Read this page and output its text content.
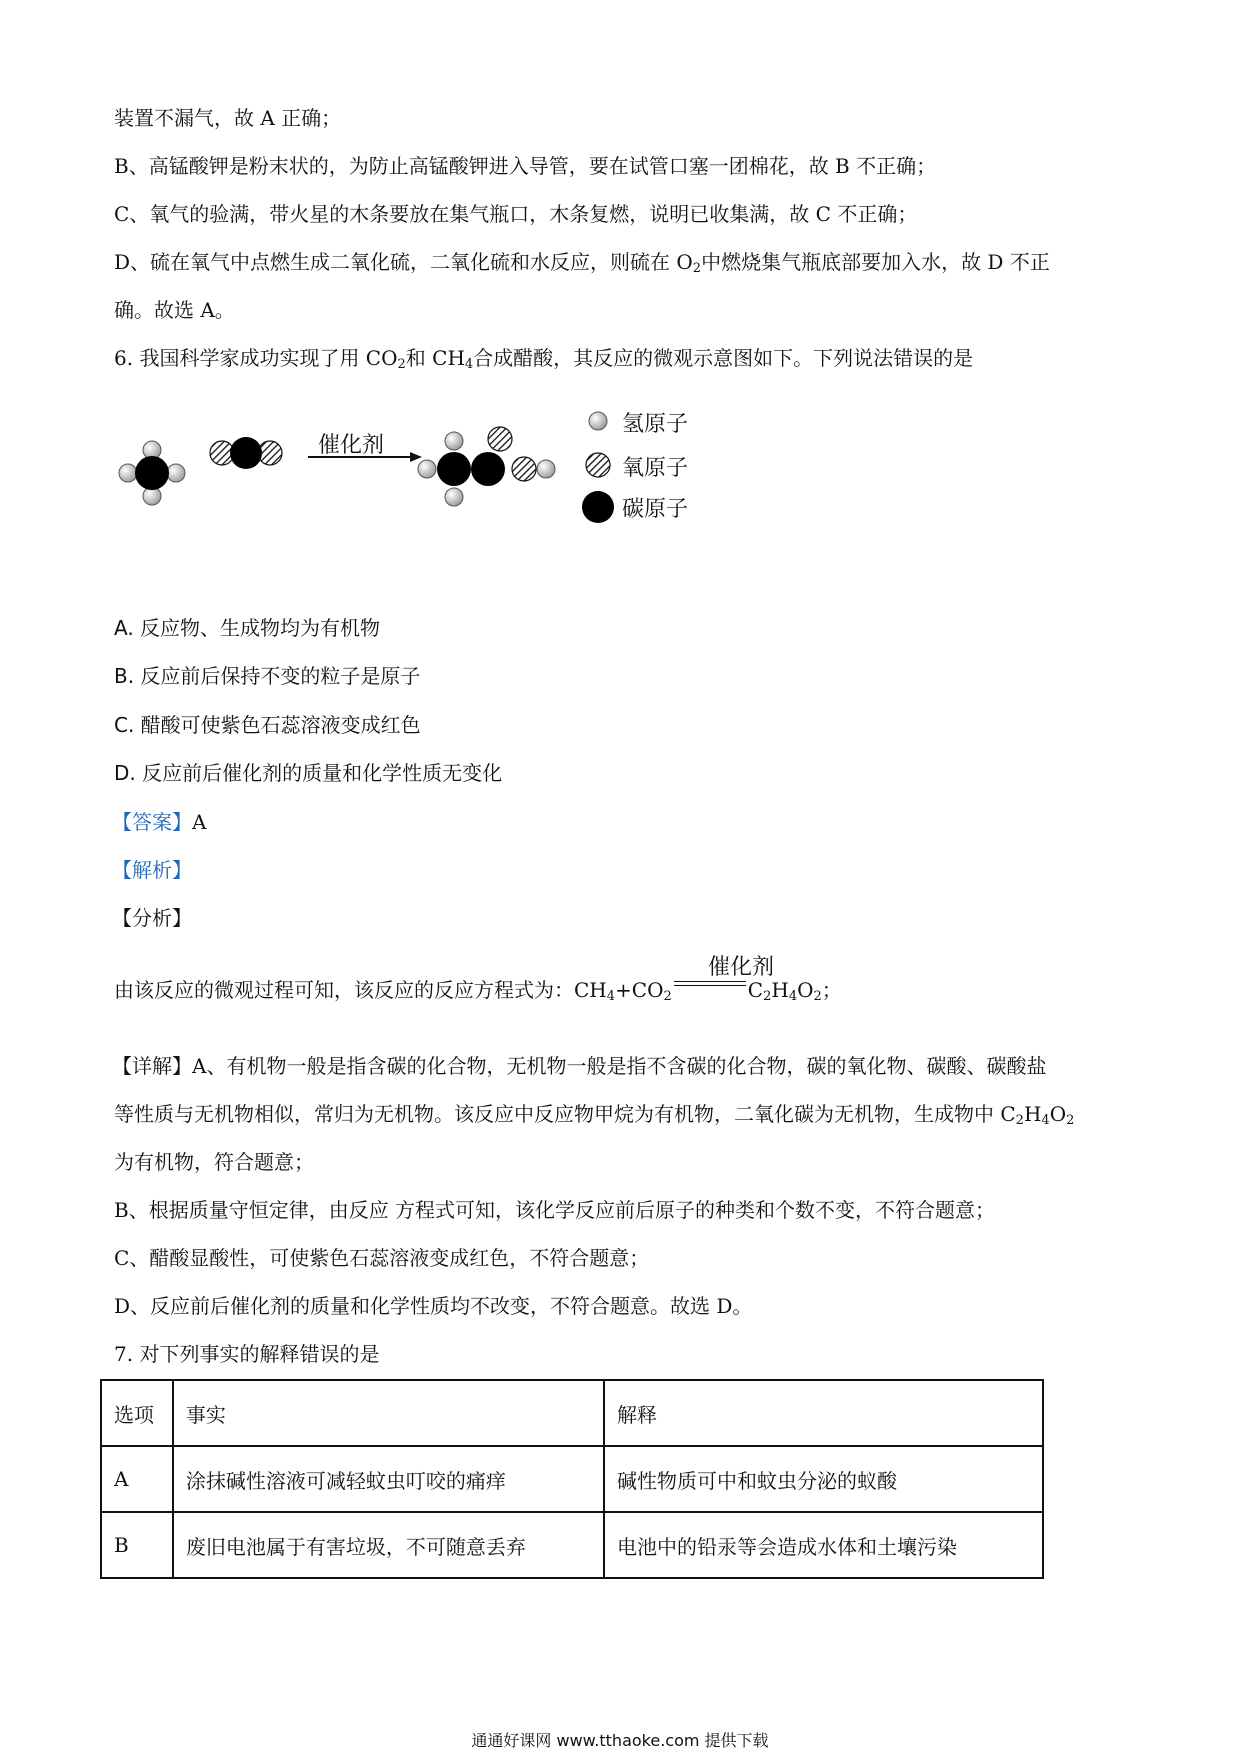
装置不漏气，故 A 正确；
B、高锰酸钾是粉末状的，为防止高锰酸钾进入导管，要在试管口塞一团棉花，故 B 不正确；
C、氧气的验满，带火星的木条要放在集气瓶口，木条复燃，说明已收集满，故 C 不正确；
D、硫在氧气中点燃生成二氧化硫，二氧化硫和水反应，则硫在 $O_2$中燃烧集气瓶底部要加入水，故 D 不正
确。故选 A。
6. 我国科学家成功实现了用 $CO_2$和 $CH_4$合成醋酸，其反应的微观示意图如下。下列说法错误的是
催化剂
氢原子
氧原子
碳原子
A. 反应物、生成物均为有机物
B. 反应前后保持不变的粒子是原子
C. 醋酸可使紫色石蕊溶液变成红色
D. 反应前后催化剂的质量和化学性质无变化
【答案】A
【解析】
【分析】
由该反应的微观过程可知，该反应的反应方程式为：$CH_4+CO_2$	$C_2H_4O_2$；
催化剂
【详解】A、有机物一般是指含碳的化合物，无机物一般是指不含碳的化合物，碳的氧化物、碳酸、碳酸盐
等性质与无机物相似，常归为无机物。该反应中反应物甲烷为有机物，二氧化碳为无机物，生成物中 $C_2H_4O_2$
为有机物，符合题意；
B、根据质量守恒定律，由反应 方程式可知，该化学反应前后原子的种类和个数不变，不符合题意；
C、醋酸显酸性，可使紫色石蕊溶液变成红色，不符合题意；
D、反应前后催化剂的质量和化学性质均不改变，不符合题意。故选 D。
7. 对下列事实的解释错误的是
选项	事实	解释
A	涂抹碱性溶液可减轻蚊虫叮咬的痛痒	碱性物质可中和蚊虫分泌的蚁酸
B	废旧电池属于有害垃圾，不可随意丢弃	电池中的铅汞等会造成水体和土壤污染
通通好课网 www.tthaoke.com 提供下载
